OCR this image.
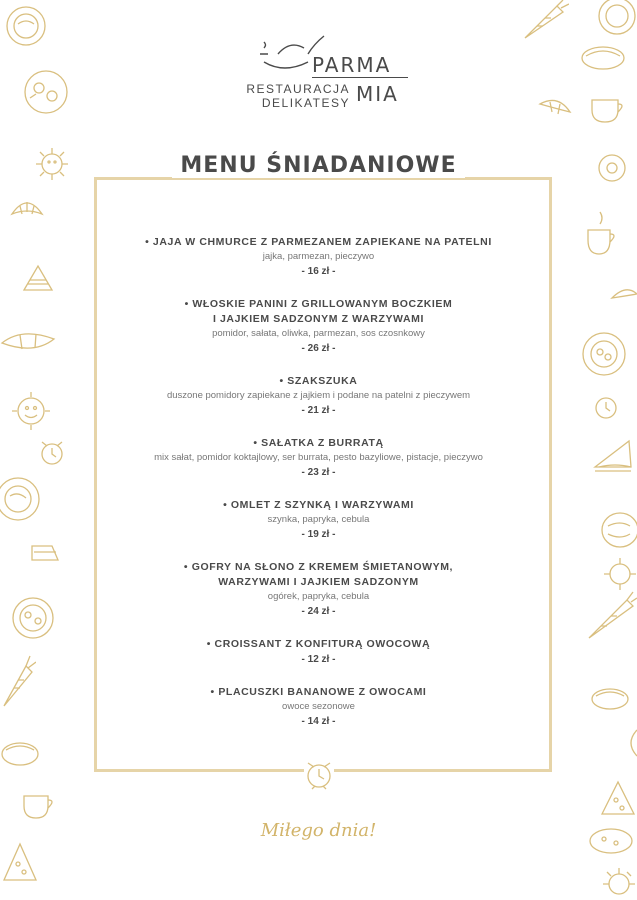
PARMA
RESTAURACJA
DELIKATESY MIA
MENU ŚNIADANIOWE
• JAJA W CHMURCE Z PARMEZANEM ZAPIEKANE NA PATELNI
jajka, parmezan, pieczywo
- 16 zł -
• WŁOSKIE PANINI Z GRILLOWANYM BOCZKIEM
I JAJKIEM SADZONYM Z WARZYWAMI
pomidor, sałata, oliwka, parmezan, sos czosnkowy
- 26 zł -
• SZAKSZUKA
duszone pomidory zapiekane z jajkiem i podane na patelni z pieczywem
- 21 zł -
• SAŁATKA Z BURRATĄ
mix sałat, pomidor koktajlowy, ser burrata, pesto bazyliowe, pistacje, pieczywo
- 23 zł -
• OMLET Z SZYNKĄ I WARZYWAMI
szynka, papryka, cebula
- 19 zł -
• GOFRY NA SŁONO Z KREMEM ŚMIETANOWYM,
WARZYWAMI I JAJKIEM SADZONYM
ogórek, papryka, cebula
- 24 zł -
• CROISSANT Z KONFITURĄ OWOCOWĄ
- 12 zł -
• PLACUSZKI BANANOWE Z OWOCAMI
owoce sezonowe
- 14 zł -
Miłego dnia!
